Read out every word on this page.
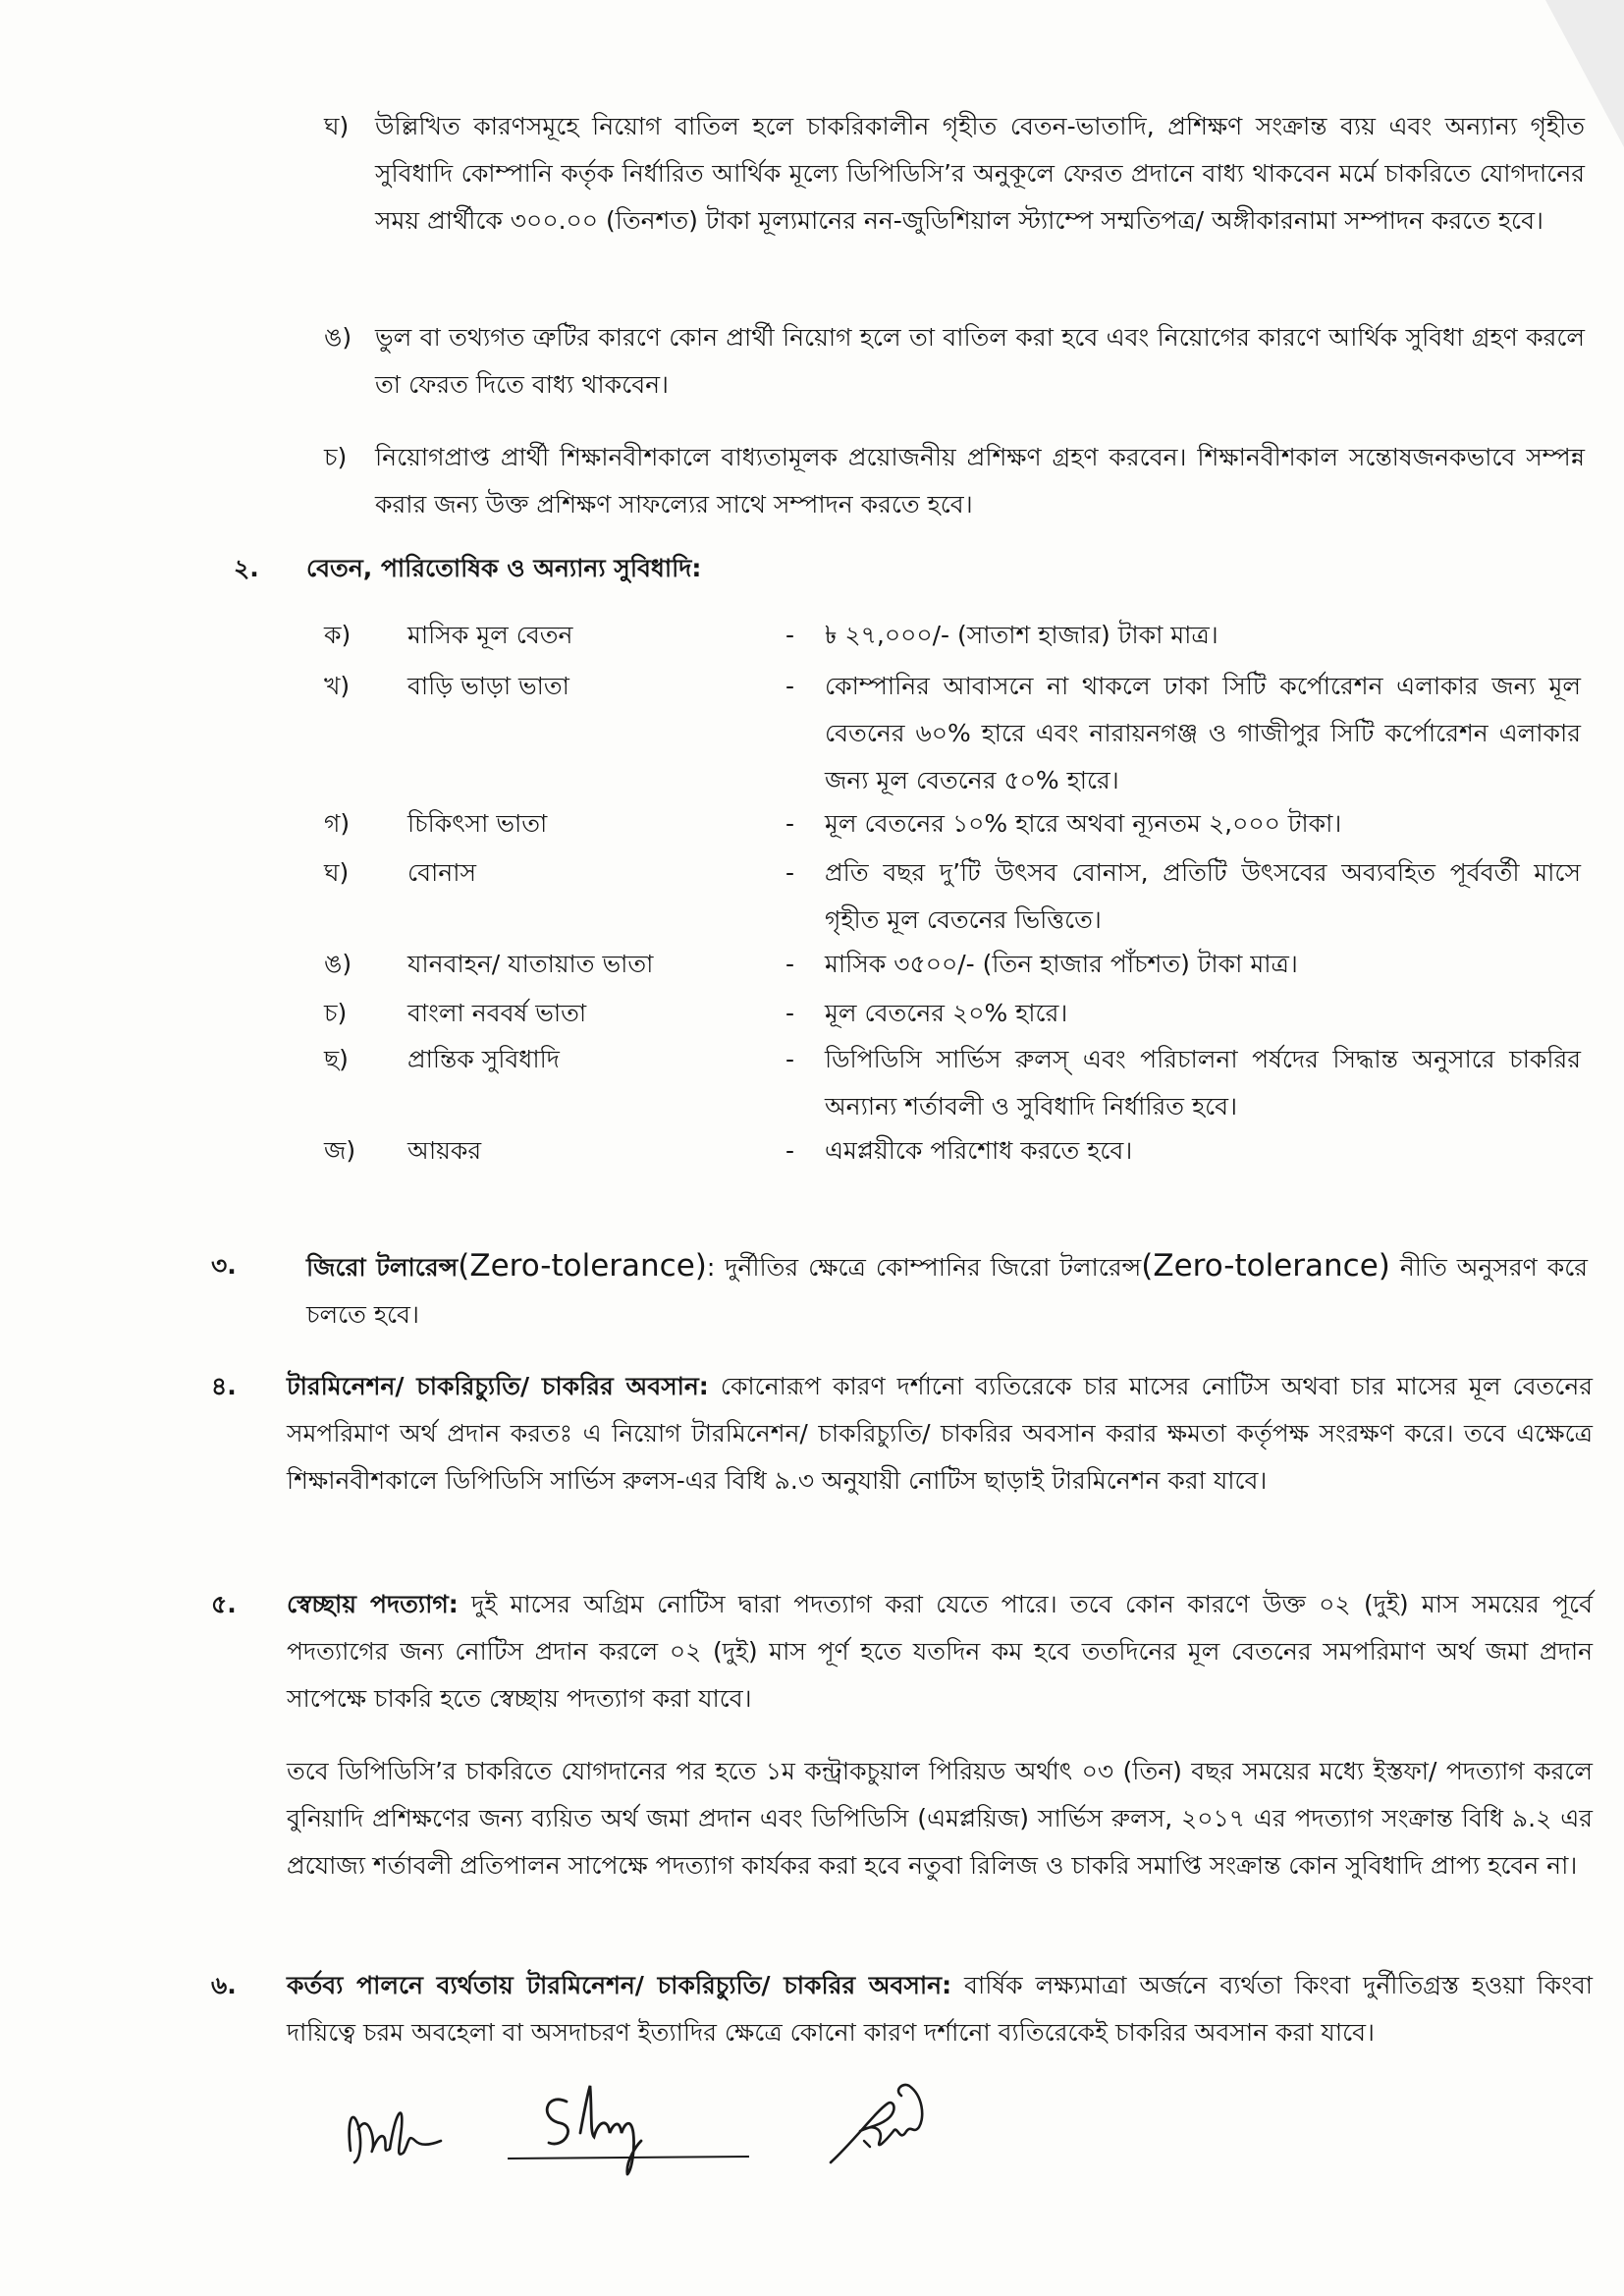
ঘ) উল্লিখিত কারণসমূহে নিয়োগ বাতিল হলে চাকরিকালীন গৃহীত বেতন-ভাতাদি, প্রশিক্ষণ সংক্রান্ত ব্যয় এবং অন্যান্য গৃহীত সুবিধাদি কোম্পানি কর্তৃক নির্ধারিত আর্থিক মূল্যে ডিপিডিসি’র অনুকূলে ফেরত প্রদানে বাধ্য থাকবেন মর্মে চাকরিতে যোগদানের সময় প্রার্থীকে ৩০০.০০ (তিনশত) টাকা মূল্যমানের নন-জুডিশিয়াল স্ট্যাম্পে সম্মতিপত্র/ অঙ্গীকারনামা সম্পাদন করতে হবে।

ঙ) ভুল বা তথ্যগত ত্রুটির কারণে কোন প্রার্থী নিয়োগ হলে তা বাতিল করা হবে এবং নিয়োগের কারণে আর্থিক সুবিধা গ্রহণ করলে তা ফেরত দিতে বাধ্য থাকবেন।

চ) নিয়োগপ্রাপ্ত প্রার্থী শিক্ষানবীশকালে বাধ্যতামূলক প্রয়োজনীয় প্রশিক্ষণ গ্রহণ করবেন। শিক্ষানবীশকাল সন্তোষজনকভাবে সম্পন্ন করার জন্য উক্ত প্রশিক্ষণ সাফল্যের সাথে সম্পাদন করতে হবে।

২. বেতন, পারিতোষিক ও অন্যান্য সুবিধাদি:
ক) মাসিক মূল বেতন	- ৳ ২৭,০০০/- (সাতাশ হাজার) টাকা মাত্র।
খ) বাড়ি ভাড়া ভাতা	- কোম্পানির আবাসনে না থাকলে ঢাকা সিটি কর্পোরেশন এলাকার জন্য মূল বেতনের ৬০% হারে এবং নারায়নগঞ্জ ও গাজীপুর সিটি কর্পোরেশন এলাকার জন্য মূল বেতনের ৫০% হারে।
গ) চিকিৎসা ভাতা	- মূল বেতনের ১০% হারে অথবা ন্যূনতম ২,০০০ টাকা।
ঘ) বোনাস	- প্রতি বছর দু’টি উৎসব বোনাস, প্রতিটি উৎসবের অব্যবহিত পূর্ববর্তী মাসে গৃহীত মূল বেতনের ভিত্তিতে।
ঙ) যানবাহন/ যাতায়াত ভাতা	- মাসিক ৩৫০০/- (তিন হাজার পাঁচশত) টাকা মাত্র।
চ) বাংলা নববর্ষ ভাতা	- মূল বেতনের ২০% হারে।
ছ) প্রান্তিক সুবিধাদি	- ডিপিডিসি সার্ভিস রুলস্ এবং পরিচালনা পর্ষদের সিদ্ধান্ত অনুসারে চাকরির অন্যান্য শর্তাবলী ও সুবিধাদি নির্ধারিত হবে।
জ) আয়কর	- এমপ্লয়ীকে পরিশোধ করতে হবে।
৩.	জিরো টলারেন্স(Zero-tolerance): দুর্নীতির ক্ষেত্রে কোম্পানির জিরো টলারেন্স(Zero-tolerance) নীতি অনুসরণ করে চলতে হবে।

৪. টারমিনেশন/ চাকরিচ্যুতি/ চাকরির অবসান: কোনোরূপ কারণ দর্শানো ব্যতিরেকে চার মাসের নোটিস অথবা চার মাসের মূল বেতনের সমপরিমাণ অর্থ প্রদান করতঃ এ নিয়োগ টারমিনেশন/ চাকরিচ্যুতি/ চাকরির অবসান করার ক্ষমতা কর্তৃপক্ষ সংরক্ষণ করে। তবে এক্ষেত্রে শিক্ষানবীশকালে ডিপিডিসি সার্ভিস রুলস-এর বিধি ৯.৩ অনুযায়ী নোটিস ছাড়াই টারমিনেশন করা যাবে।

৫. স্বেচ্ছায় পদত্যাগ: দুই মাসের অগ্রিম নোটিস দ্বারা পদত্যাগ করা যেতে পারে। তবে কোন কারণে উক্ত ০২ (দুই) মাস সময়ের পূর্বে পদত্যাগের জন্য নোটিস প্রদান করলে ০২ (দুই) মাস পূর্ণ হতে যতদিন কম হবে ততদিনের মূল বেতনের সমপরিমাণ অর্থ জমা প্রদান সাপেক্ষে চাকরি হতে স্বেচ্ছায় পদত্যাগ করা যাবে।

তবে ডিপিডিসি’র চাকরিতে যোগদানের পর হতে ১ম কন্ট্রাকচুয়াল পিরিয়ড অর্থাৎ ০৩ (তিন) বছর সময়ের মধ্যে ইস্তফা/ পদত্যাগ করলে বুনিয়াদি প্রশিক্ষণের জন্য ব্যয়িত অর্থ জমা প্রদান এবং ডিপিডিসি (এমপ্লয়িজ) সার্ভিস রুলস, ২০১৭ এর পদত্যাগ সংক্রান্ত বিধি ৯.২ এর প্রযোজ্য শর্তাবলী প্রতিপালন সাপেক্ষে পদত্যাগ কার্যকর করা হবে নতুবা রিলিজ ও চাকরি সমাপ্তি সংক্রান্ত কোন সুবিধাদি প্রাপ্য হবেন না।

৬. কর্তব্য পালনে ব্যর্থতায় টারমিনেশন/ চাকরিচ্যুতি/ চাকরির অবসান: বার্ষিক লক্ষ্যমাত্রা অর্জনে ব্যর্থতা কিংবা দুর্নীতিগ্রস্ত হওয়া কিংবা দায়িত্বে চরম অবহেলা বা অসদাচরণ ইত্যাদির ক্ষেত্রে কোনো কারণ দর্শানো ব্যতিরেকেই চাকরির অবসান করা যাবে।
